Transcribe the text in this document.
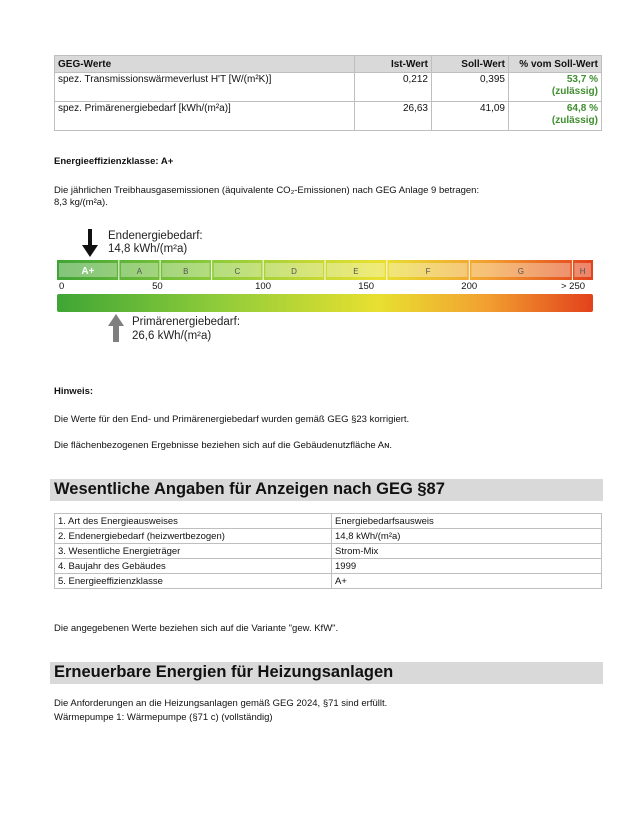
GEG-Werte	Ist-Wert	Soll-Wert	% vom Soll-Wert
spez. Transmissionswärmeverlust H'T [W/(m²K)]	0,212	0,395	53,7 %
(zulässig)
spez. Primärenergiebedarf [kWh/(m²a)]	26,63	41,09	64,8 %
(zulässig)
Energieeffizienzklasse: A+
Die jährlichen Treibhausgasemissionen (äquivalente CO₂-Emissionen) nach GEG Anlage 9 betragen:
8,3 kg/(m²a).
Endenergiebedarf:
14,8 kWh/(m²a)
A+	A	B	C	D	E	F	G	H
0	50	100	150	200	> 250
Primärenergiebedarf:
26,6 kWh/(m²a)
Hinweis:
Die Werte für den End- und Primärenergiebedarf wurden gemäß GEG §23 korrigiert.
Die flächenbezogenen Ergebnisse beziehen sich auf die Gebäudenutzfläche Aɴ.
Wesentliche Angaben für Anzeigen nach GEG §87
1. Art des Energieausweises	Energiebedarfsausweis
2. Endenergiebedarf (heizwertbezogen)	14,8 kWh/(m²a)
3. Wesentliche Energieträger	Strom-Mix
4. Baujahr des Gebäudes	1999
5. Energieeffizienzklasse	A+
Die angegebenen Werte beziehen sich auf die Variante "gew. KfW".
Erneuerbare Energien für Heizungsanlagen
Die Anforderungen an die Heizungsanlagen gemäß GEG 2024, §71 sind erfüllt.
Wärmepumpe 1: Wärmepumpe (§71 c) (vollständig)
